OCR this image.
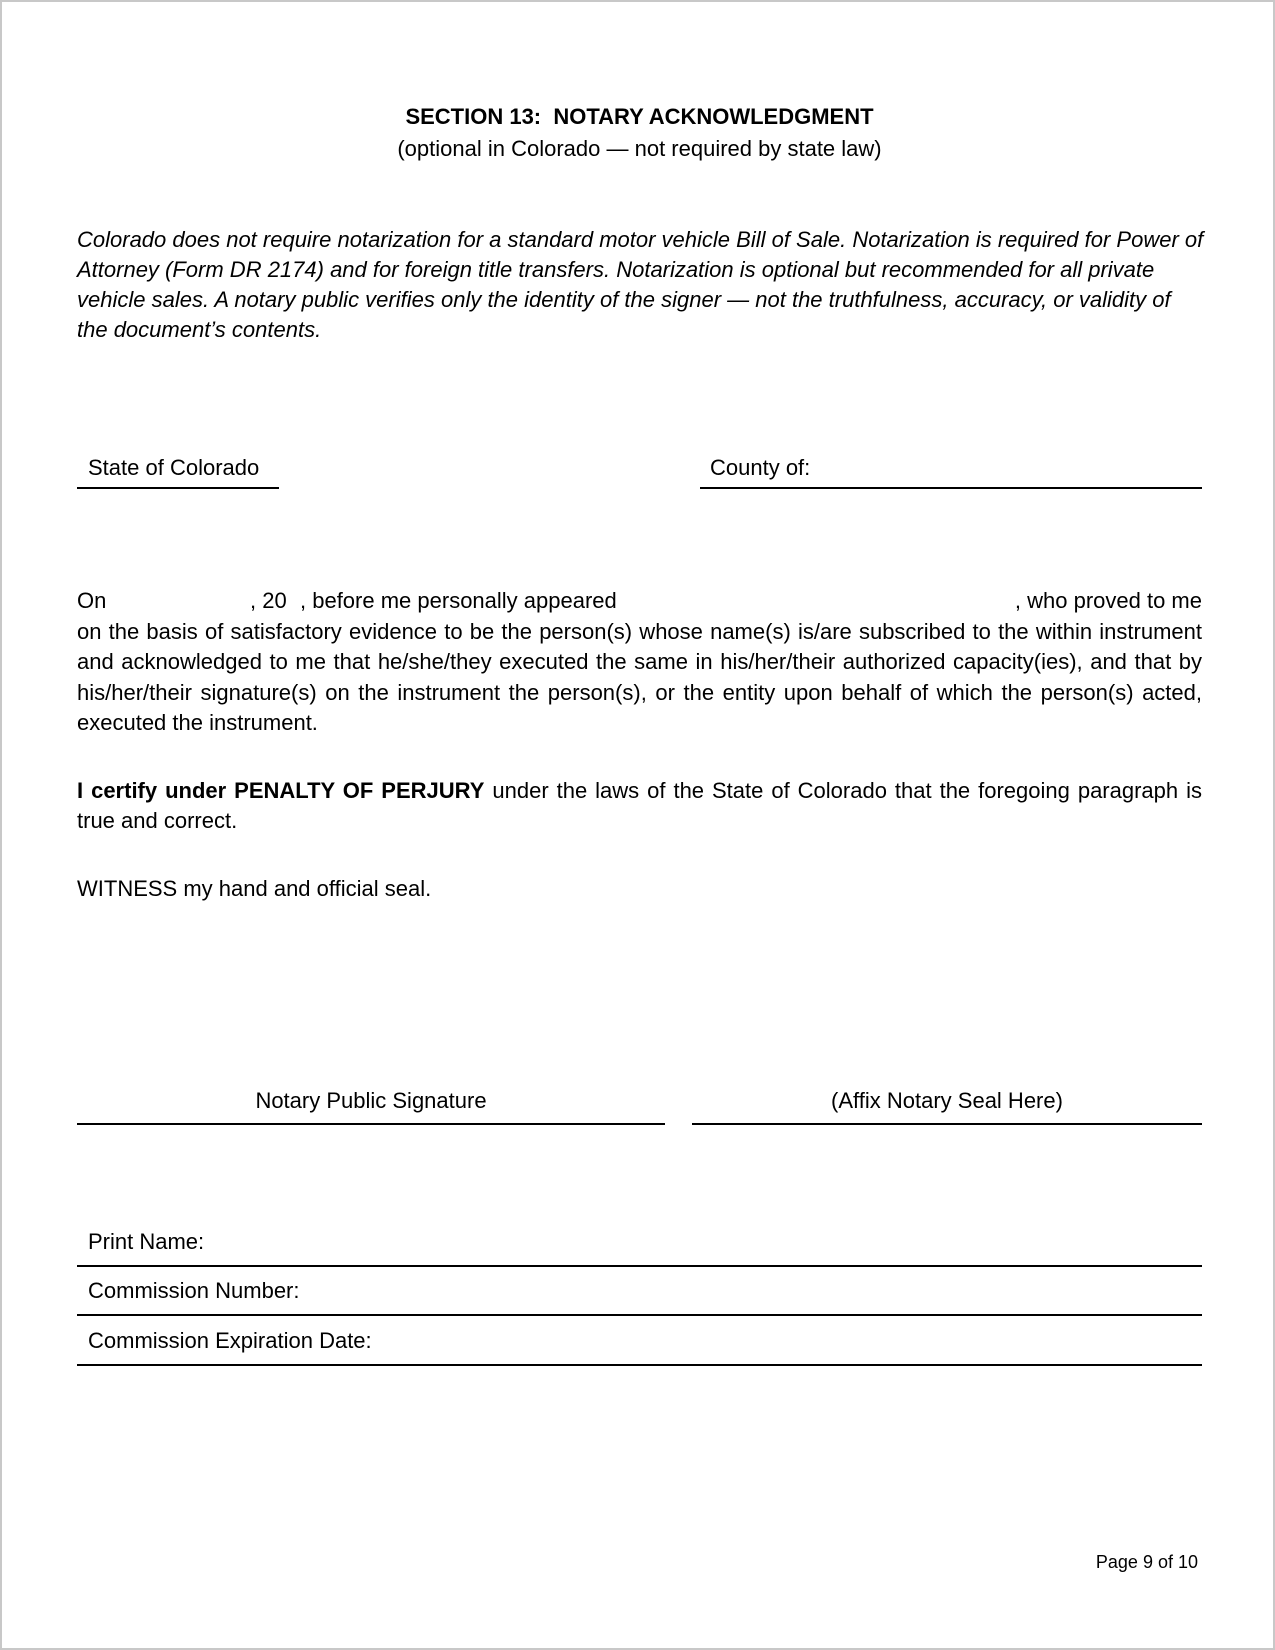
SECTION 13:  NOTARY ACKNOWLEDGMENT
(optional in Colorado — not required by state law)
Colorado does not require notarization for a standard motor vehicle Bill of Sale. Notarization is required for Power of Attorney (Form DR 2174) and for foreign title transfers. Notarization is optional but recommended for all private vehicle sales. A notary public verifies only the identity of the signer — not the truthfulness, accuracy, or validity of the document’s contents.
State of Colorado	County of:
On	, 20 , before me personally appeared	, who proved to me
on the basis of satisfactory evidence to be the person(s) whose name(s) is/are subscribed to the within instrument and acknowledged to me that he/she/they executed the same in his/her/their authorized capacity(ies), and that by his/her/their signature(s) on the instrument the person(s), or the entity upon behalf of which the person(s) acted, executed the instrument.
I certify under PENALTY OF PERJURY under the laws of the State of Colorado that the foregoing paragraph is true and correct.
WITNESS my hand and official seal.
Notary Public Signature	(Affix Notary Seal Here)
Print Name:
Commission Number:
Commission Expiration Date:
Page 9 of 10
